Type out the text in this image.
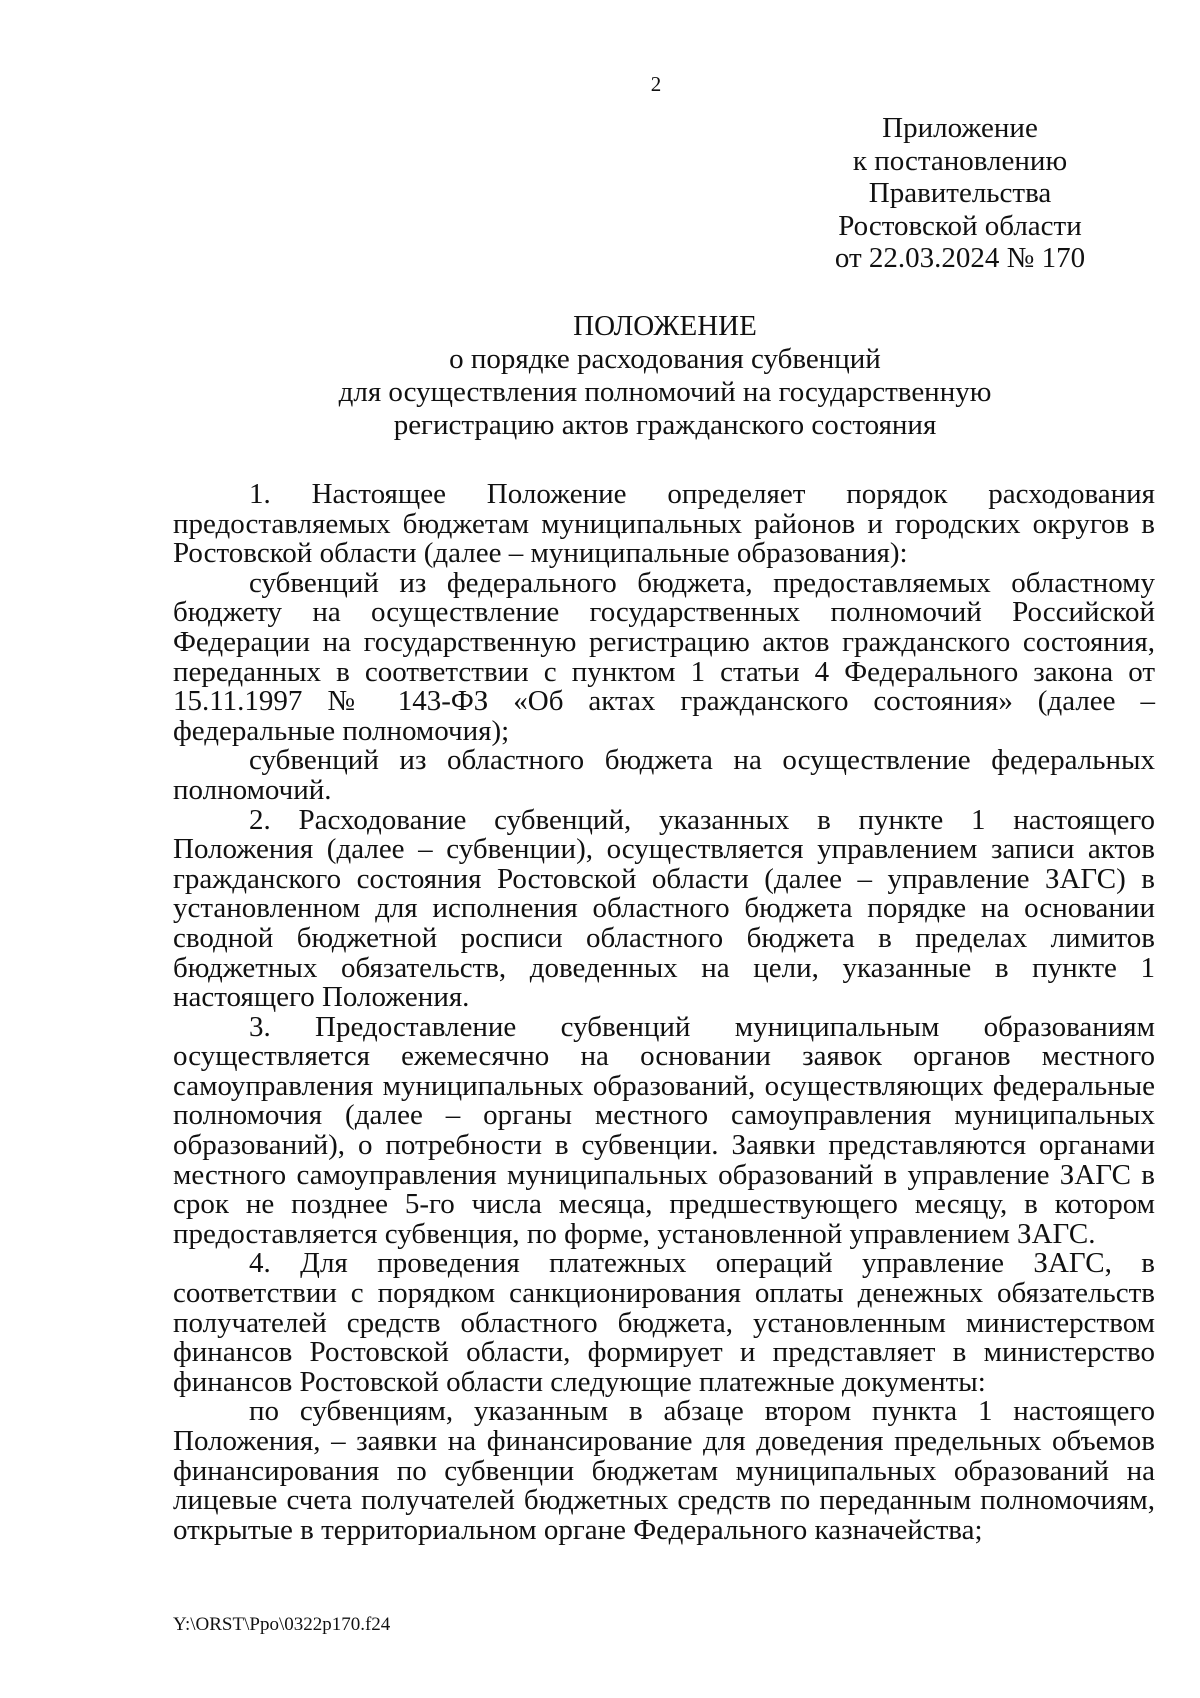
2
Приложение
к постановлению
Правительства
Ростовской области
от 22.03.2024 № 170
ПОЛОЖЕНИЕ
о порядке расходования субвенций
для осуществления полномочий на государственную
регистрацию актов гражданского состояния

1. Настоящее Положение определяет порядок расходования предоставляемых бюджетам муниципальных районов и городских округов в Ростовской области (далее – муниципальные образования):

субвенций из федерального бюджета, предоставляемых областному бюджету на осуществление государственных полномочий Российской Федерации на государственную регистрацию актов гражданского состояния, переданных в соответствии с пунктом 1 статьи 4 Федерального закона от 15.11.1997 № 143-ФЗ «Об актах гражданского состояния» (далее – федеральные полномочия);

субвенций из областного бюджета на осуществление федеральных полномочий.

2. Расходование субвенций, указанных в пункте 1 настоящего Положения (далее – субвенции), осуществляется управлением записи актов гражданского состояния Ростовской области (далее – управление ЗАГС) в установленном для исполнения областного бюджета порядке на основании сводной бюджетной росписи областного бюджета в пределах лимитов бюджетных обязательств, доведенных на цели, указанные в пункте 1 настоящего Положения.

3. Предоставление субвенций муниципальным образованиям осуществляется ежемесячно на основании заявок органов местного самоуправления муниципальных образований, осуществляющих федеральные полномочия (далее – органы местного самоуправления муниципальных образований), о потребности в субвенции. Заявки представляются органами местного самоуправления муниципальных образований в управление ЗАГС в срок не позднее 5-го числа месяца, предшествующего месяцу, в котором предоставляется субвенция, по форме, установленной управлением ЗАГС.

4. Для проведения платежных операций управление ЗАГС, в соответствии с порядком санкционирования оплаты денежных обязательств получателей средств областного бюджета, установленным министерством финансов Ростовской области, формирует и представляет в министерство финансов Ростовской области следующие платежные документы:

по субвенциям, указанным в абзаце втором пункта 1 настоящего Положения, – заявки на финансирование для доведения предельных объемов финансирования по субвенции бюджетам муниципальных образований на лицевые счета получателей бюджетных средств по переданным полномочиям, открытые в территориальном органе Федерального казначейства;

Y:\ORST\Ppo\0322p170.f24
